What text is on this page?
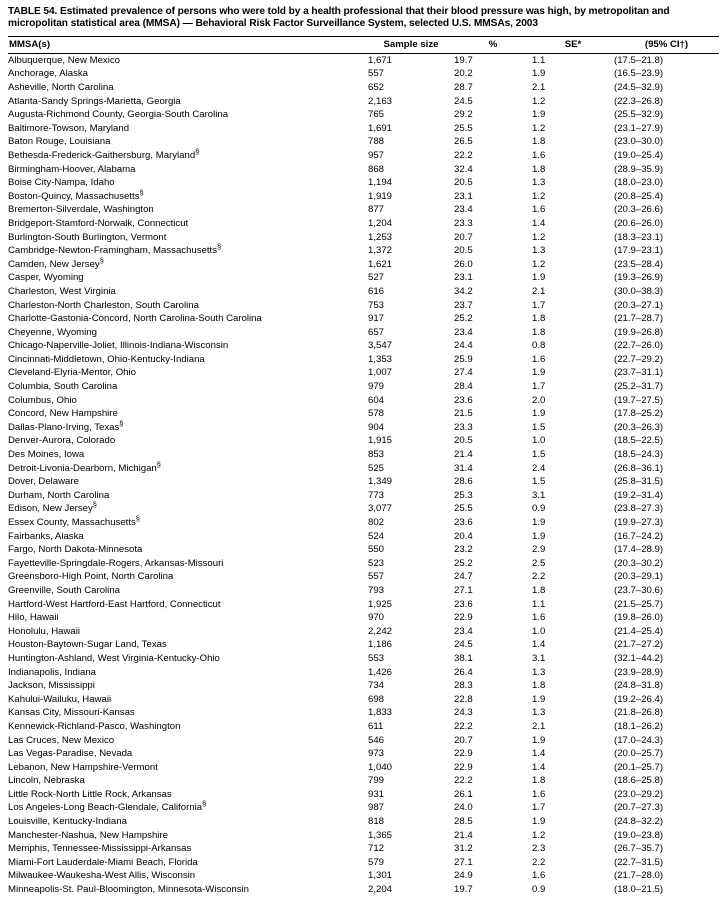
TABLE 54. Estimated prevalence of persons who were told by a health professional that their blood pressure was high, by metropolitan and micropolitan statistical area (MMSA) — Behavioral Risk Factor Surveillance System, selected U.S. MMSAs, 2003
MMSA(s)	Sample size	%	SE*	(95% CI†)
Albuquerque, New Mexico	1,671	19.7	1.1	(17.5–21.8)
Anchorage, Alaska	557	20.2	1.9	(16.5–23.9)
Asheville, North Carolina	652	28.7	2.1	(24.5–32.9)
Atlanta-Sandy Springs-Marietta, Georgia	2,163	24.5	1.2	(22.3–26.8)
Augusta-Richmond County, Georgia-South Carolina	765	29.2	1.9	(25.5–32.9)
Baltimore-Towson, Maryland	1,691	25.5	1.2	(23.1–27.9)
Baton Rouge, Louisiana	788	26.5	1.8	(23.0–30.0)
Bethesda-Frederick-Gaithersburg, Maryland§	957	22.2	1.6	(19.0–25.4)
Birmingham-Hoover, Alabama	868	32.4	1.8	(28.9–35.9)
Boise City-Nampa, Idaho	1,194	20.5	1.3	(18.0–23.0)
Boston-Quincy, Massachusetts§	1,919	23.1	1.2	(20.8–25.4)
Bremerton-Silverdale, Washington	877	23.4	1.6	(20.3–26.6)
Bridgeport-Stamford-Norwalk, Connecticut	1,204	23.3	1.4	(20.6–26.0)
Burlington-South Burlington, Vermont	1,253	20.7	1.2	(18.3–23.1)
Cambridge-Newton-Framingham, Massachusetts§	1,372	20.5	1.3	(17.9–23.1)
Camden, New Jersey§	1,621	26.0	1.2	(23.5–28.4)
Casper, Wyoming	527	23.1	1.9	(19.3–26.9)
Charleston, West Virginia	616	34.2	2.1	(30.0–38.3)
Charleston-North Charleston, South Carolina	753	23.7	1.7	(20.3–27.1)
Charlotte-Gastonia-Concord, North Carolina-South Carolina	917	25.2	1.8	(21.7–28.7)
Cheyenne, Wyoming	657	23.4	1.8	(19.9–26.8)
Chicago-Naperville-Joliet, Illinois-Indiana-Wisconsin	3,547	24.4	0.8	(22.7–26.0)
Cincinnati-Middletown, Ohio-Kentucky-Indiana	1,353	25.9	1.6	(22.7–29.2)
Cleveland-Elyria-Mentor, Ohio	1,007	27.4	1.9	(23.7–31.1)
Columbia, South Carolina	979	28.4	1.7	(25.2–31.7)
Columbus, Ohio	604	23.6	2.0	(19.7–27.5)
Concord, New Hampshire	578	21.5	1.9	(17.8–25.2)
Dallas-Plano-Irving, Texas§	904	23.3	1.5	(20.3–26.3)
Denver-Aurora, Colorado	1,915	20.5	1.0	(18.5–22.5)
Des Moines, Iowa	853	21.4	1.5	(18.5–24.3)
Detroit-Livonia-Dearborn, Michigan§	525	31.4	2.4	(26.8–36.1)
Dover, Delaware	1,349	28.6	1.5	(25.8–31.5)
Durham, North Carolina	773	25.3	3.1	(19.2–31.4)
Edison, New Jersey§	3,077	25.5	0.9	(23.8–27.3)
Essex County, Massachusetts§	802	23.6	1.9	(19.9–27.3)
Fairbanks, Alaska	524	20.4	1.9	(16.7–24.2)
Fargo, North Dakota-Minnesota	550	23.2	2.9	(17.4–28.9)
Fayetteville-Springdale-Rogers, Arkansas-Missouri	523	25.2	2.5	(20.3–30.2)
Greensboro-High Point, North Carolina	557	24.7	2.2	(20.3–29.1)
Greenville, South Carolina	793	27.1	1.8	(23.7–30.6)
Hartford-West Hartford-East Hartford, Connecticut	1,925	23.6	1.1	(21.5–25.7)
Hilo, Hawaii	970	22.9	1.6	(19.8–26.0)
Honolulu, Hawaii	2,242	23.4	1.0	(21.4–25.4)
Houston-Baytown-Sugar Land, Texas	1,186	24.5	1.4	(21.7–27.2)
Huntington-Ashland, West Virginia-Kentucky-Ohio	553	38.1	3.1	(32.1–44.2)
Indianapolis, Indiana	1,426	26.4	1.3	(23.9–28.9)
Jackson, Mississippi	734	28.3	1.8	(24.8–31.8)
Kahului-Wailuku, Hawaii	698	22.8	1.9	(19.2–26.4)
Kansas City, Missouri-Kansas	1,833	24.3	1.3	(21.8–26.8)
Kennewick-Richland-Pasco, Washington	611	22.2	2.1	(18.1–26.2)
Las Cruces, New Mexico	546	20.7	1.9	(17.0–24.3)
Las Vegas-Paradise, Nevada	973	22.9	1.4	(20.0–25.7)
Lebanon, New Hampshire-Vermont	1,040	22.9	1.4	(20.1–25.7)
Lincoln, Nebraska	799	22.2	1.8	(18.6–25.8)
Little Rock-North Little Rock, Arkansas	931	26.1	1.6	(23.0–29.2)
Los Angeles-Long Beach-Glendale, California§	987	24.0	1.7	(20.7–27.3)
Louisville, Kentucky-Indiana	818	28.5	1.9	(24.8–32.2)
Manchester-Nashua, New Hampshire	1,365	21.4	1.2	(19.0–23.8)
Memphis, Tennessee-Mississippi-Arkansas	712	31.2	2.3	(26.7–35.7)
Miami-Fort Lauderdale-Miami Beach, Florida	579	27.1	2.2	(22.7–31.5)
Milwaukee-Waukesha-West Allis, Wisconsin	1,301	24.9	1.6	(21.7–28.0)
Minneapolis-St. Paul-Bloomington, Minnesota-Wisconsin	2,204	19.7	0.9	(18.0–21.5)
